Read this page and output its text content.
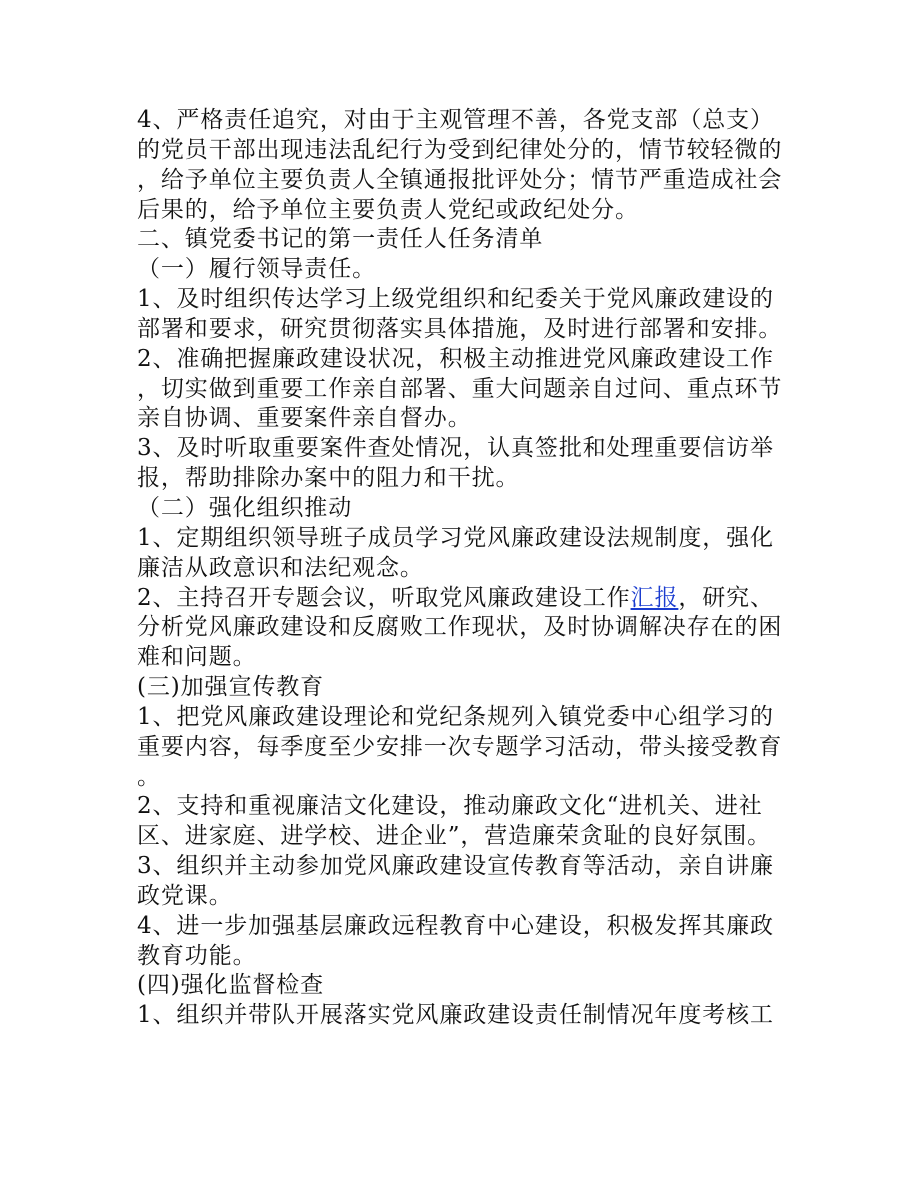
4、严格责任追究，对由于主观管理不善，各党支部（总支）
的党员干部出现违法乱纪行为受到纪律处分的，情节较轻微的
，给予单位主要负责人全镇通报批评处分；情节严重造成社会
后果的，给予单位主要负责人党纪或政纪处分。
二、镇党委书记的第一责任人任务清单
（一）履行领导责任。
1、及时组织传达学习上级党组织和纪委关于党风廉政建设的
部署和要求，研究贯彻落实具体措施，及时进行部署和安排。
2、准确把握廉政建设状况，积极主动推进党风廉政建设工作
，切实做到重要工作亲自部署、重大问题亲自过问、重点环节
亲自协调、重要案件亲自督办。
3、及时听取重要案件查处情况，认真签批和处理重要信访举
报，帮助排除办案中的阻力和干扰。
（二）强化组织推动
1、定期组织领导班子成员学习党风廉政建设法规制度，强化
廉洁从政意识和法纪观念。
2、主持召开专题会议，听取党风廉政建设工作汇报，研究、
分析党风廉政建设和反腐败工作现状，及时协调解决存在的困
难和问题。
(三)加强宣传教育
1、把党风廉政建设理论和党纪条规列入镇党委中心组学习的
重要内容，每季度至少安排一次专题学习活动，带头接受教育
。
2、支持和重视廉洁文化建设，推动廉政文化“进机关、进社
区、进家庭、进学校、进企业”，营造廉荣贪耻的良好氛围。
3、组织并主动参加党风廉政建设宣传教育等活动，亲自讲廉
政党课。
4、进一步加强基层廉政远程教育中心建设，积极发挥其廉政
教育功能。
(四)强化监督检查
1、组织并带队开展落实党风廉政建设责任制情况年度考核工
